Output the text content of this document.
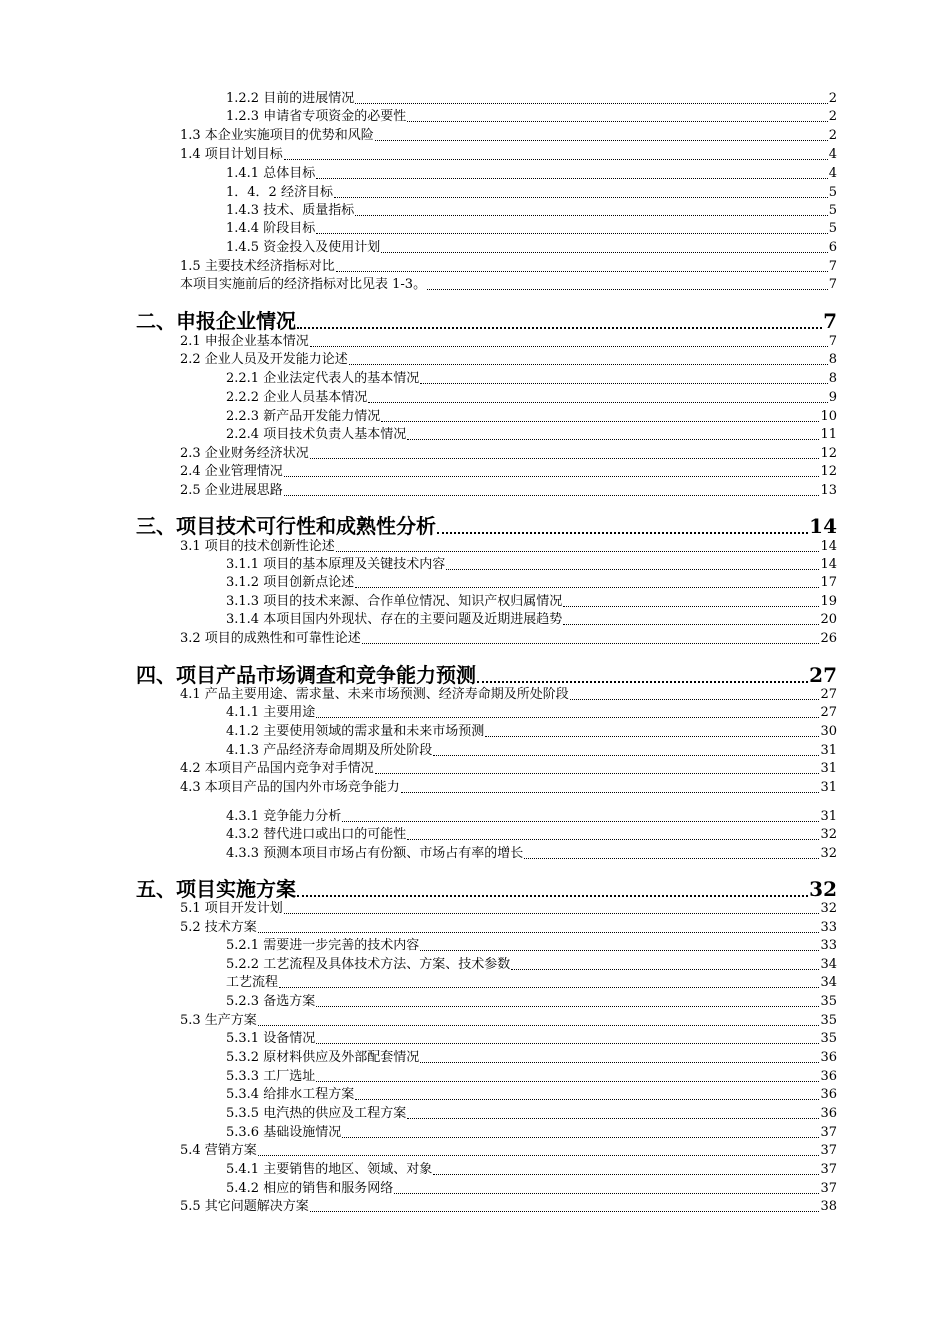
1.2.2 目前的进展情况	2
1.2.3 申请省专项资金的必要性	2
1.3 本企业实施项目的优势和风险	2
1.4 项目计划目标	4
1.4.1 总体目标	4
1．4．2 经济目标	5
1.4.3 技术、质量指标	5
1.4.4 阶段目标	5
1.4.5 资金投入及使用计划	6
1.5 主要技术经济指标对比	7
本项目实施前后的经济指标对比见表 1-3。	7
二、申报企业情况	7
2.1 申报企业基本情况	7
2.2 企业人员及开发能力论述	8
2.2.1 企业法定代表人的基本情况	8
2.2.2 企业人员基本情况	9
2.2.3 新产品开发能力情况	10
2.2.4 项目技术负责人基本情况	11
2.3 企业财务经济状况	12
2.4 企业管理情况	12
2.5 企业进展思路	13
三、项目技术可行性和成熟性分析	14
3.1 项目的技术创新性论述	14
3.1.1 项目的基本原理及关键技术内容	14
3.1.2 项目创新点论述	17
3.1.3 项目的技术来源、合作单位情况、知识产权归属情况	19
3.1.4 本项目国内外现状、存在的主要问题及近期进展趋势	20
3.2 项目的成熟性和可靠性论述	26
四、项目产品市场调查和竞争能力预测	27
4.1 产品主要用途、需求量、未来市场预测、经济寿命期及所处阶段	27
4.1.1 主要用途	27
4.1.2 主要使用领域的需求量和未来市场预测	30
4.1.3 产品经济寿命周期及所处阶段	31
4.2 本项目产品国内竞争对手情况	31
4.3 本项目产品的国内外市场竞争能力	31
4.3.1 竞争能力分析	31
4.3.2 替代进口或出口的可能性	32
4.3.3 预测本项目市场占有份额、市场占有率的增长	32
五、项目实施方案	32
5.1 项目开发计划	32
5.2 技术方案	33
5.2.1 需要进一步完善的技术内容	33
5.2.2 工艺流程及具体技术方法、方案、技术参数	34
工艺流程	34
5.2.3 备选方案	35
5.3 生产方案	35
5.3.1 设备情况	35
5.3.2 原材料供应及外部配套情况	36
5.3.3 工厂选址	36
5.3.4 给排水工程方案	36
5.3.5 电汽热的供应及工程方案	36
5.3.6 基础设施情况	37
5.4 营销方案	37
5.4.1 主要销售的地区、领域、对象	37
5.4.2 相应的销售和服务网络	37
5.5 其它问题解决方案	38
